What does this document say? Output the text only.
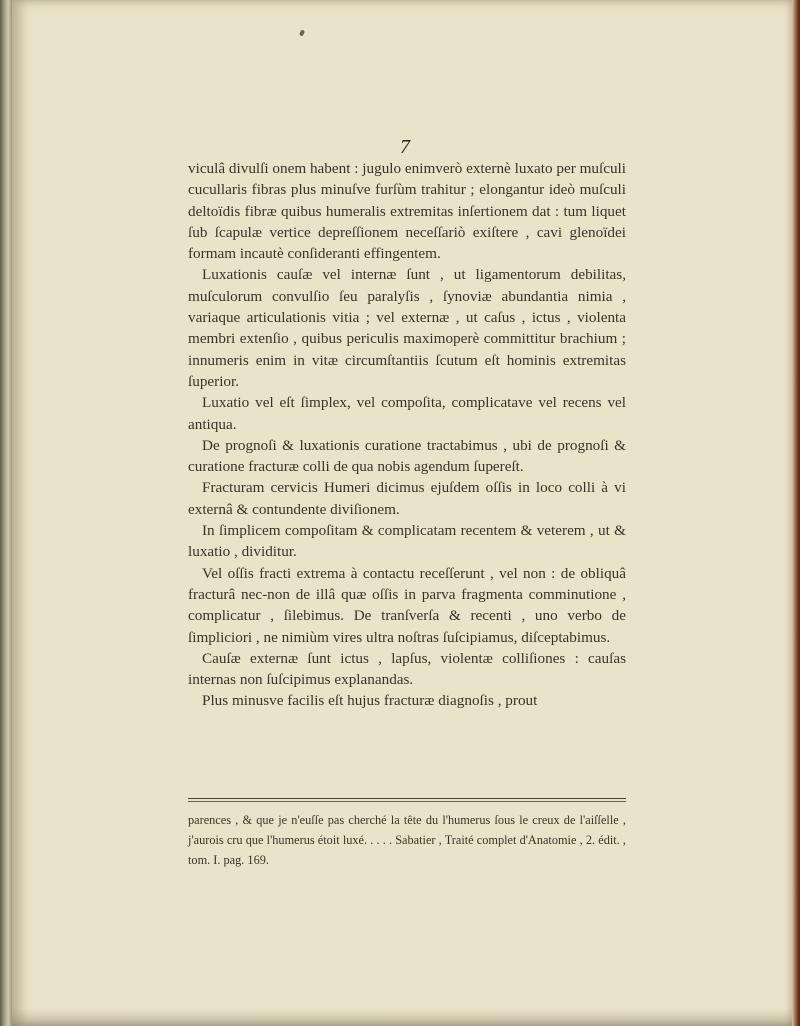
7

viculâ divulſi onem habent : jugulo enimverò externè luxato per muſculi cucullaris fibras plus minuſve furſùm trahitur ; elongantur ideò muſculi deltoïdis fibræ quibus humeralis extremitas inſertionem dat : tum liquet ſub ſcapulæ vertice depreſſionem neceſſariò exiſtere , cavi glenoïdei formam incautè conſideranti effingentem.

Luxationis cauſæ vel internæ ſunt , ut ligamentorum debilitas, muſculorum convulſio ſeu paralyſis , ſynoviæ abundantia nimia , variaque articulationis vitia ; vel externæ , ut caſus , ictus , violenta membri extenſio , quibus periculis maximoperè committitur brachium ; innumeris enim in vitæ circumſtantiis ſcutum eſt hominis extremitas ſuperior.

Luxatio vel eſt ſimplex, vel compoſita, complicatave vel recens vel antiqua.

De prognoſi & luxationis curatione tractabimus , ubi de prognoſi & curatione fracturæ colli de qua nobis agendum ſupereſt.

Fracturam cervicis Humeri dicimus ejuſdem oſſis in loco colli à vi externâ & contundente diviſionem.

In ſimplicem compoſitam & complicatam recentem & veterem , ut & luxatio , dividitur.

Vel oſſis fracti extrema à contactu receſſerunt , vel non : de obliquâ fracturâ nec-non de illâ quæ oſſis in parva fragmenta comminutione , complicatur , ſilebimus. De tranſverſa & recenti , uno verbo de ſimpliciori , ne nimiùm vires ultra noſtras ſuſcipiamus, diſceptabimus.

Cauſæ externæ ſunt ictus , lapſus, violentæ colliſiones : cauſas internas non ſuſcipimus explanandas.

Plus minusve facilis eſt hujus fracturæ diagnoſis , prout

parences , & que je n'euſſe pas cherché la tête du l'humerus ſous le creux de l'aiſſelle , j'aurois cru que l'humerus étoit luxé. . . . . Sabatier , Traité complet d'Anatomie , 2. édit. , tom. I. pag. 169.
